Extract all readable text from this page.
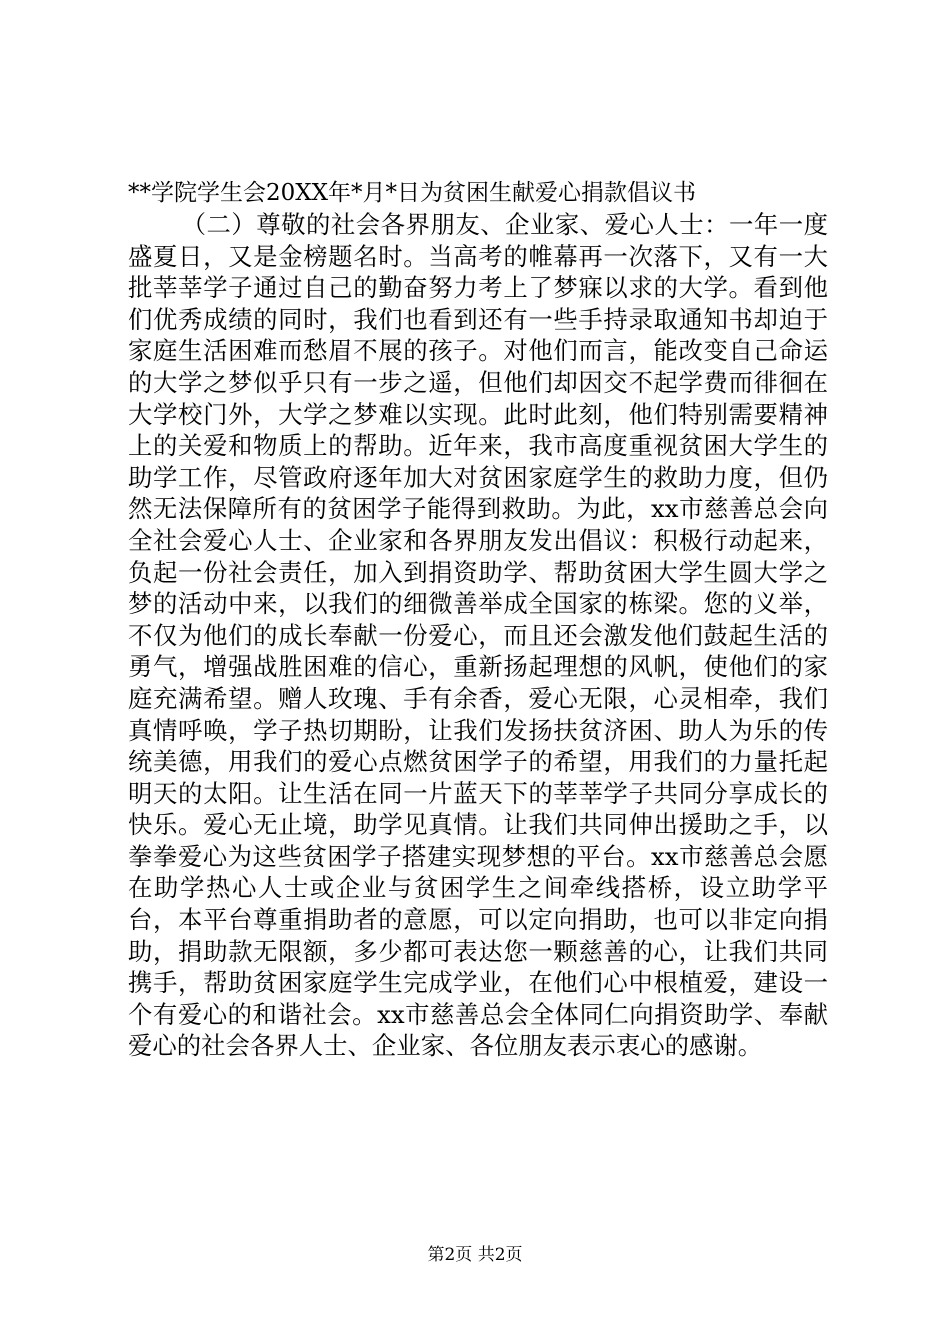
**学院学生会20XX年*月*日为贫困生献爱心捐款倡议书

（二）尊敬的社会各界朋友、企业家、爱心人士：一年一度盛夏日，又是金榜题名时。当高考的帷幕再一次落下，又有一大批莘莘学子通过自己的勤奋努力考上了梦寐以求的大学。看到他们优秀成绩的同时，我们也看到还有一些手持录取通知书却迫于家庭生活困难而愁眉不展的孩子。对他们而言，能改变自己命运的大学之梦似乎只有一步之遥，但他们却因交不起学费而徘徊在大学校门外，大学之梦难以实现。此时此刻，他们特别需要精神上的关爱和物质上的帮助。近年来，我市高度重视贫困大学生的助学工作，尽管政府逐年加大对贫困家庭学生的救助力度，但仍然无法保障所有的贫困学子能得到救助。为此，xx市慈善总会向全社会爱心人士、企业家和各界朋友发出倡议：积极行动起来，负起一份社会责任，加入到捐资助学、帮助贫困大学生圆大学之梦的活动中来，以我们的细微善举成全国家的栋梁。您的义举，不仅为他们的成长奉献一份爱心，而且还会激发他们鼓起生活的勇气，增强战胜困难的信心，重新扬起理想的风帆，使他们的家庭充满希望。赠人玫瑰、手有余香，爱心无限，心灵相牵，我们真情呼唤，学子热切期盼，让我们发扬扶贫济困、助人为乐的传统美德，用我们的爱心点燃贫困学子的希望，用我们的力量托起明天的太阳。让生活在同一片蓝天下的莘莘学子共同分享成长的快乐。爱心无止境，助学见真情。让我们共同伸出援助之手，以拳拳爱心为这些贫困学子搭建实现梦想的平台。xx市慈善总会愿在助学热心人士或企业与贫困学生之间牵线搭桥，设立助学平台，本平台尊重捐助者的意愿，可以定向捐助，也可以非定向捐助，捐助款无限额，多少都可表达您一颗慈善的心，让我们共同携手，帮助贫困家庭学生完成学业，在他们心中根植爱，建设一个有爱心的和谐社会。xx市慈善总会全体同仁向捐资助学、奉献爱心的社会各界人士、企业家、各位朋友表示衷心的感谢。

第2页 共2页
